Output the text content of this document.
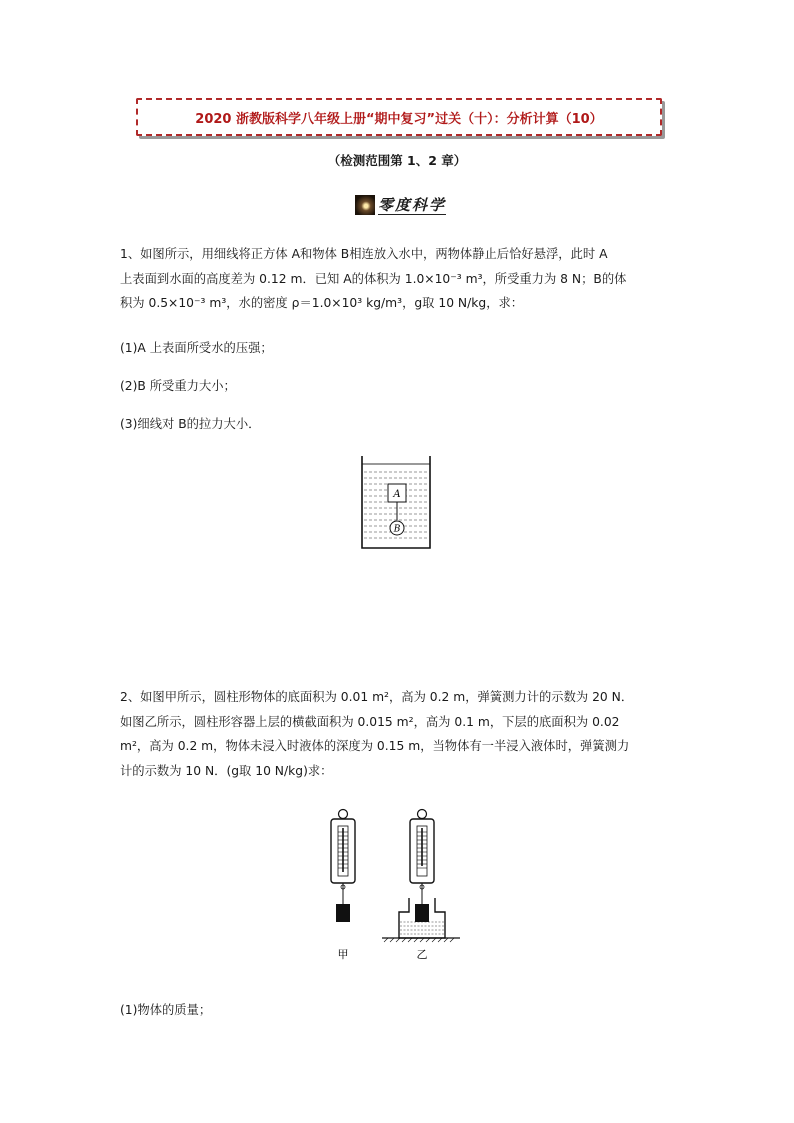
2020 浙教版科学八年级上册“期中复习”过关（十）：分析计算（10）
（检测范围第 1、2 章）
零度科学
1、如图所示，用细线将正方体 A和物体 B相连放入水中，两物体静止后恰好悬浮，此时 A
上表面到水面的高度差为 0.12 m．已知 A的体积为 1.0×10⁻³ m³，所受重力为 8 N；B的体
积为 0.5×10⁻³ m³，水的密度 ρ＝1.0×10³ kg/m³，g取 10 N/kg，求：
(1)A 上表面所受水的压强；
(2)B 所受重力大小；
(3)细线对 B的拉力大小．
A
B
2、如图甲所示，圆柱形物体的底面积为 0.01 m²，高为 0.2 m，弹簧测力计的示数为 20 N．
如图乙所示，圆柱形容器上层的横截面积为 0.015 m²，高为 0.1 m，下层的底面积为 0.02
m²，高为 0.2 m，物体未浸入时液体的深度为 0.15 m，当物体有一半浸入液体时，弹簧测力
计的示数为 10 N．(g取 10 N/kg)求：
甲	乙
(1)物体的质量；
